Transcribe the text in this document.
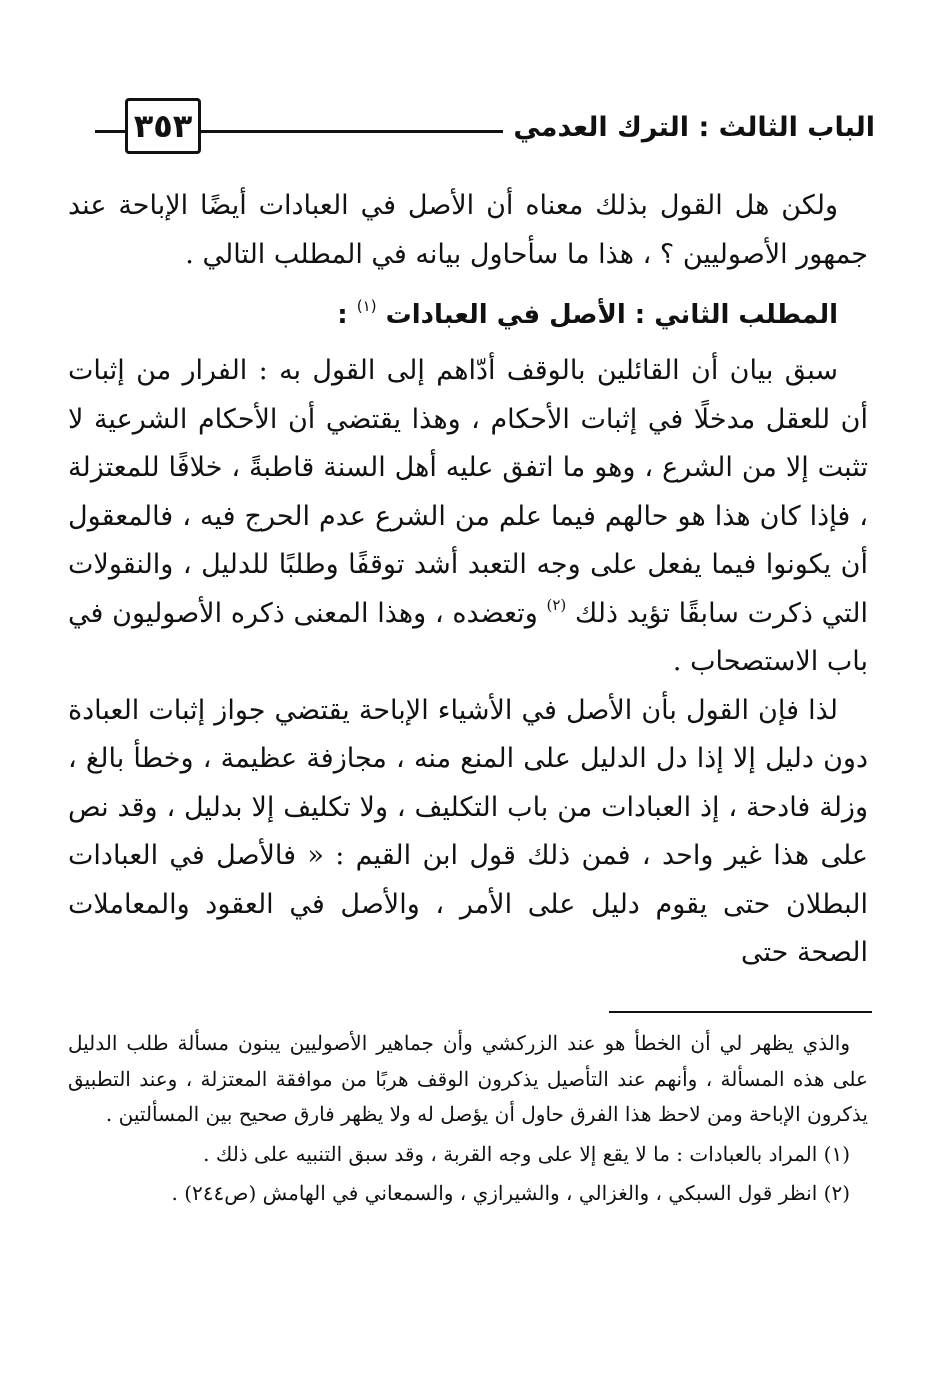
الباب الثالث : الترك العدمي
٣٥٣

ولكن هل القول بذلك معناه أن الأصل في العبادات أيضًا الإباحة عند جمهور الأصوليين ؟ ، هذا ما سأحاول بيانه في المطلب التالي .

المطلب الثاني : الأصل في العبادات $^{(١)}$ :

سبق بيان أن القائلين بالوقف أدّاهم إلى القول به : الفرار من إثبات أن للعقل مدخلًا في إثبات الأحكام ، وهذا يقتضي أن الأحكام الشرعية لا تثبت إلا من الشرع ، وهو ما اتفق عليه أهل السنة قاطبةً ، خلافًا للمعتزلة ، فإذا كان هذا هو حالهم فيما علم من الشرع عدم الحرج فيه ، فالمعقول أن يكونوا فيما يفعل على وجه التعبد أشد توقفًا وطلبًا للدليل ، والنقولات التي ذكرت سابقًا تؤيد ذلك $^{(٢)}$ وتعضده ، وهذا المعنى ذكره الأصوليون في باب الاستصحاب .

لذا فإن القول بأن الأصل في الأشياء الإباحة يقتضي جواز إثبات العبادة دون دليل إلا إذا دل الدليل على المنع منه ، مجازفة عظيمة ، وخطأ بالغ ، وزلة فادحة ، إذ العبادات من باب التكليف ، ولا تكليف إلا بدليل ، وقد نص على هذا غير واحد ، فمن ذلك قول ابن القيم : « فالأصل في العبادات البطلان حتى يقوم دليل على الأمر ، والأصل في العقود والمعاملات الصحة حتى

والذي يظهر لي أن الخطأ هو عند الزركشي وأن جماهير الأصوليين يبنون مسألة طلب الدليل على هذه المسألة ، وأنهم عند التأصيل يذكرون الوقف هربًا من موافقة المعتزلة ، وعند التطبيق يذكرون الإباحة ومن لاحظ هذا الفرق حاول أن يؤصل له ولا يظهر فارق صحيح بين المسألتين .

(١) المراد بالعبادات : ما لا يقع إلا على وجه القربة ، وقد سبق التنبيه على ذلك .

(٢) انظر قول السبكي ، والغزالي ، والشيرازي ، والسمعاني في الهامش (ص٢٤٤) .
